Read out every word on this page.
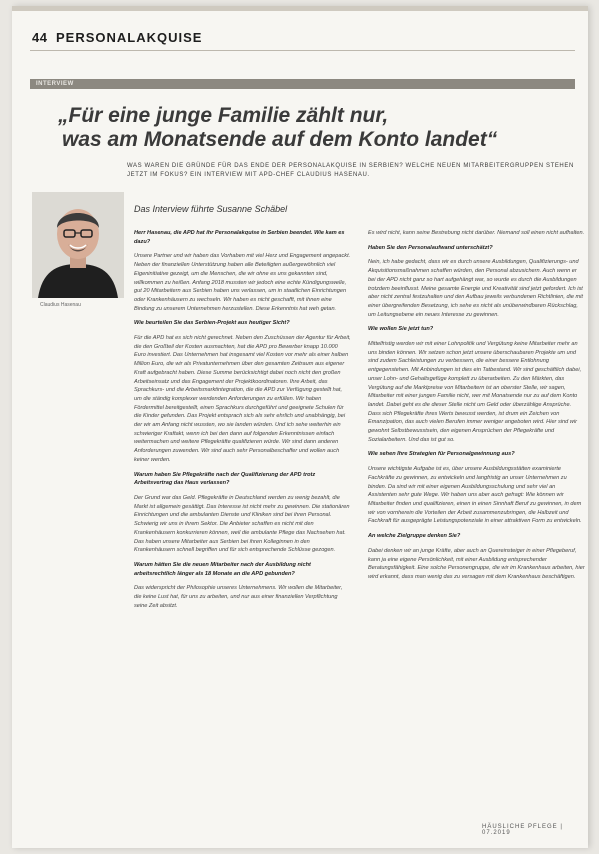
44 PERSONALAKQUISE
INTERVIEW
„Für eine junge Familie zählt nur,
was am Monatsende auf dem Konto landet“
WAS WAREN DIE GRÜNDE FÜR DAS ENDE DER PERSONALAKQUISE IN SERBIEN? WELCHE NEUEN MITARBEITERGRUPPEN STEHEN JETZT IM FOKUS? EIN INTERVIEW MIT APD-CHEF CLAUDIUS HASENAU.
Claudius Hasenau
Das Interview führte Susanne Schäbel

Herr Hasenau, die APD hat ihr Personalakquise in Serbien beendet. Wie kam es dazu?

Unsere Partner und wir haben das Vorhaben mit viel Herz und Engagement angepackt. Neben der finanziellen Unterstützung haben alle Beteiligten außergewöhnlich viel Eigeninitiative gezeigt, um die Menschen, die wir ohne es uns gekannten sind, willkommen zu heißen. Anfang 2018 mussten wir jedoch eine echte Kündigungswelle, gut 20 Mitarbeitern aus Serbien haben uns verlassen, um in staatlichen Einrichtungen oder Krankenhäusern zu wechseln. Wir haben es nicht geschafft, mit ihnen eine Bindung zu unserem Unternehmen herzustellen. Diese Erkenntnis hat weh getan.

Wie beurteilen Sie das Serbien-Projekt aus heutiger Sicht?

Für die APD hat es sich nicht gerechnet. Neben den Zuschüssen der Agentur für Arbeit, die den Großteil der Kosten ausmachten, hat die APD pro Bewerber knapp 10.000 Euro investiert. Das Unternehmen hat insgesamt viel Kosten vor mehr als einer halben Million Euro, die wir als Privatunternehmen über den gesamten Zeitraum aus eigener Kraft aufgebracht haben. Diese Summe berücksichtigt dabei noch nicht den großen Arbeitseinsatz und das Engagement der Projektkoordinatoren. Ihre Arbeit, das Sprachkurs- und die Arbeitsmarktintegration, die die APD zur Verfügung gestellt hat, um die ständig komplexer werdenden Anforderungen zu erfüllen. Wir haben Fördermittel bereitgestellt, einen Sprachkurs durchgeführt und geeignete Schulen für die Kinder gefunden. Das Projekt entsprach sich als sehr ehrlich und unabhängig, bei der wir am Anfang nicht wussten, wo sie landen würden. Und ich sehe weiterhin ein schwieriger Kraftakt, wenn ich bei den dann auf folgenden Erkenntnissen einfach weitermachen und weitere Pflegekräfte qualifizieren würde. Wir sind dann anderen Anforderungen zuwenden. Wir sind auch sehr Personalbeschaffer und wollen auch keiner werden.

Warum haben Sie Pflegekräfte nach der Qualifizierung der APD trotz Arbeitsvertrag das Haus verlassen?

Der Grund war das Geld. Pflegekräfte in Deutschland werden zu wenig bezahlt, die Markt ist allgemein gesättigt. Das Interesse ist nicht mehr zu gewinnen. Die stationären Einrichtungen und die ambulanten Dienste und Kliniken sind bei ihren Personal. Schwierig wir uns in ihrem Sektor. Die Anbieter schaffen es nicht mit den Krankenhäusern konkurrieren können, weil die ambulante Pflege das Nachsehen hat. Das haben unsere Mitarbeiter aus Serbien bei ihren Kolleginnen in den Krankenhäusern schnell begriffen und für sich entsprechende Schlüsse gezogen.

Warum hätten Sie die neuen Mitarbeiter nach der Ausbildung nicht arbeitsrechtlich länger als 18 Monate an die APD gebunden?

Das widerspricht der Philosophie unseres Unternehmens. Wir wollen die Mitarbeiter, die keine Lust hat, für uns zu arbeiten, und nur aus einer finanziellen Verpflichtung seine Zeit absitzt.

Es wird nicht, kann seine Bestrebung nicht darüber. Niemand soll einen nicht aufhalten.

Haben Sie den Personalaufwand unterschätzt?

Nein, ich habe gedacht, dass wir es durch unsere Ausbildungen, Qualifizierungs- und Akquisitionsmaßnahmen schaffen würden, den Personal abzusichern. Auch wenn er bei der APD nicht ganz so hart aufgehängt war, so wurde es durch die Ausbildungen trotzdem beeinflusst. Meine gesamte Energie und Kreativität sind jetzt gefordert. Ich ist aber nicht zentral festzuhalten und den Aufbau jeweils verbundenen Richtlinien, die mit einer übergreifenden Besetzung, ich sehe es nicht als unüberwindbaren Rückschlag, um Leitungsebene ein neues Interesse zu gewinnen.

Wie wollen Sie jetzt tun?

Mittelfristig werden wir mit einer Lohnpolitik und Vergütung keine Mitarbeiter mehr an uns binden können. Wir setzen schon jetzt unsere überschaubaren Projekte um und sind zudem Sachleistungen zu verbessern, die einer bessere Entlohnung entgegenstehen. Mit Anbindungen ist dies ein Tatbestand. Wir sind geschäftlich dabei, unser Lohn- und Gehaltsgefüge komplett zu überarbeiten. Zu den Märkten, das Vergütung auf die Marktpreise von Mitarbeitern ist an oberster Stelle, wir sagen, Mitarbeiter mit einer jungen Familie nicht, wer mit Monatsende nur zu auf dem Konto landet. Dabei geht es die dieser Stelle nicht um Geld oder überzählige Ansprüche. Dass sich Pflegekräfte ihres Werts bewusst werden, ist drum ein Zeichen von Emanzipation, das auch vielen Berufen immer weniger angeboten wird. Hier sind wir gewohnt Selbstbewusstsein, den eigenen Ansprüchen der Pflegekräfte und Sozialarbeitern. Und das ist gut so.

Wie sehen Ihre Strategien für Personalgewinnung aus?

Unsere wichtigste Aufgabe ist es, über unsere Ausbildungsstätten examinierte Fachkräfte zu gewinnen, zu entwickeln und langfristig an unser Unternehmen zu binden. Da sind wir mit einer eigenen Ausbildungsschulung und sehr viel an Assistenten sehr gute Wege. Wir haben uns aber auch gefragt: Wie können wir Mitarbeiter finden und qualifizieren, einen in einen Sinnhaft Beruf zu gewinnen, in dem wir von vornherein die Vorteilen der Arbeit zusammenzubringen, die Halbzeit und Fachkraft für ausgeprägte Leistungspotenziale in einer attraktiven Form zu entwickeln.

An welche Zielgruppe denken Sie?

Dabei denken wir an junge Kräfte, aber auch an Quereinsteiger in einer Pflegeberuf, kann ja eine eigene Persönlichkeit, mit einer Ausbildung entsprechender Beratungsfähigkeit. Eine solche Personengruppe, die wir im Krankenhaus arbeiten, hier wird erkannt, dass man wenig das zu versagen mit dem Krankenhaus beschäftigen.

HÄUSLICHE PFLEGE | 07.2019
